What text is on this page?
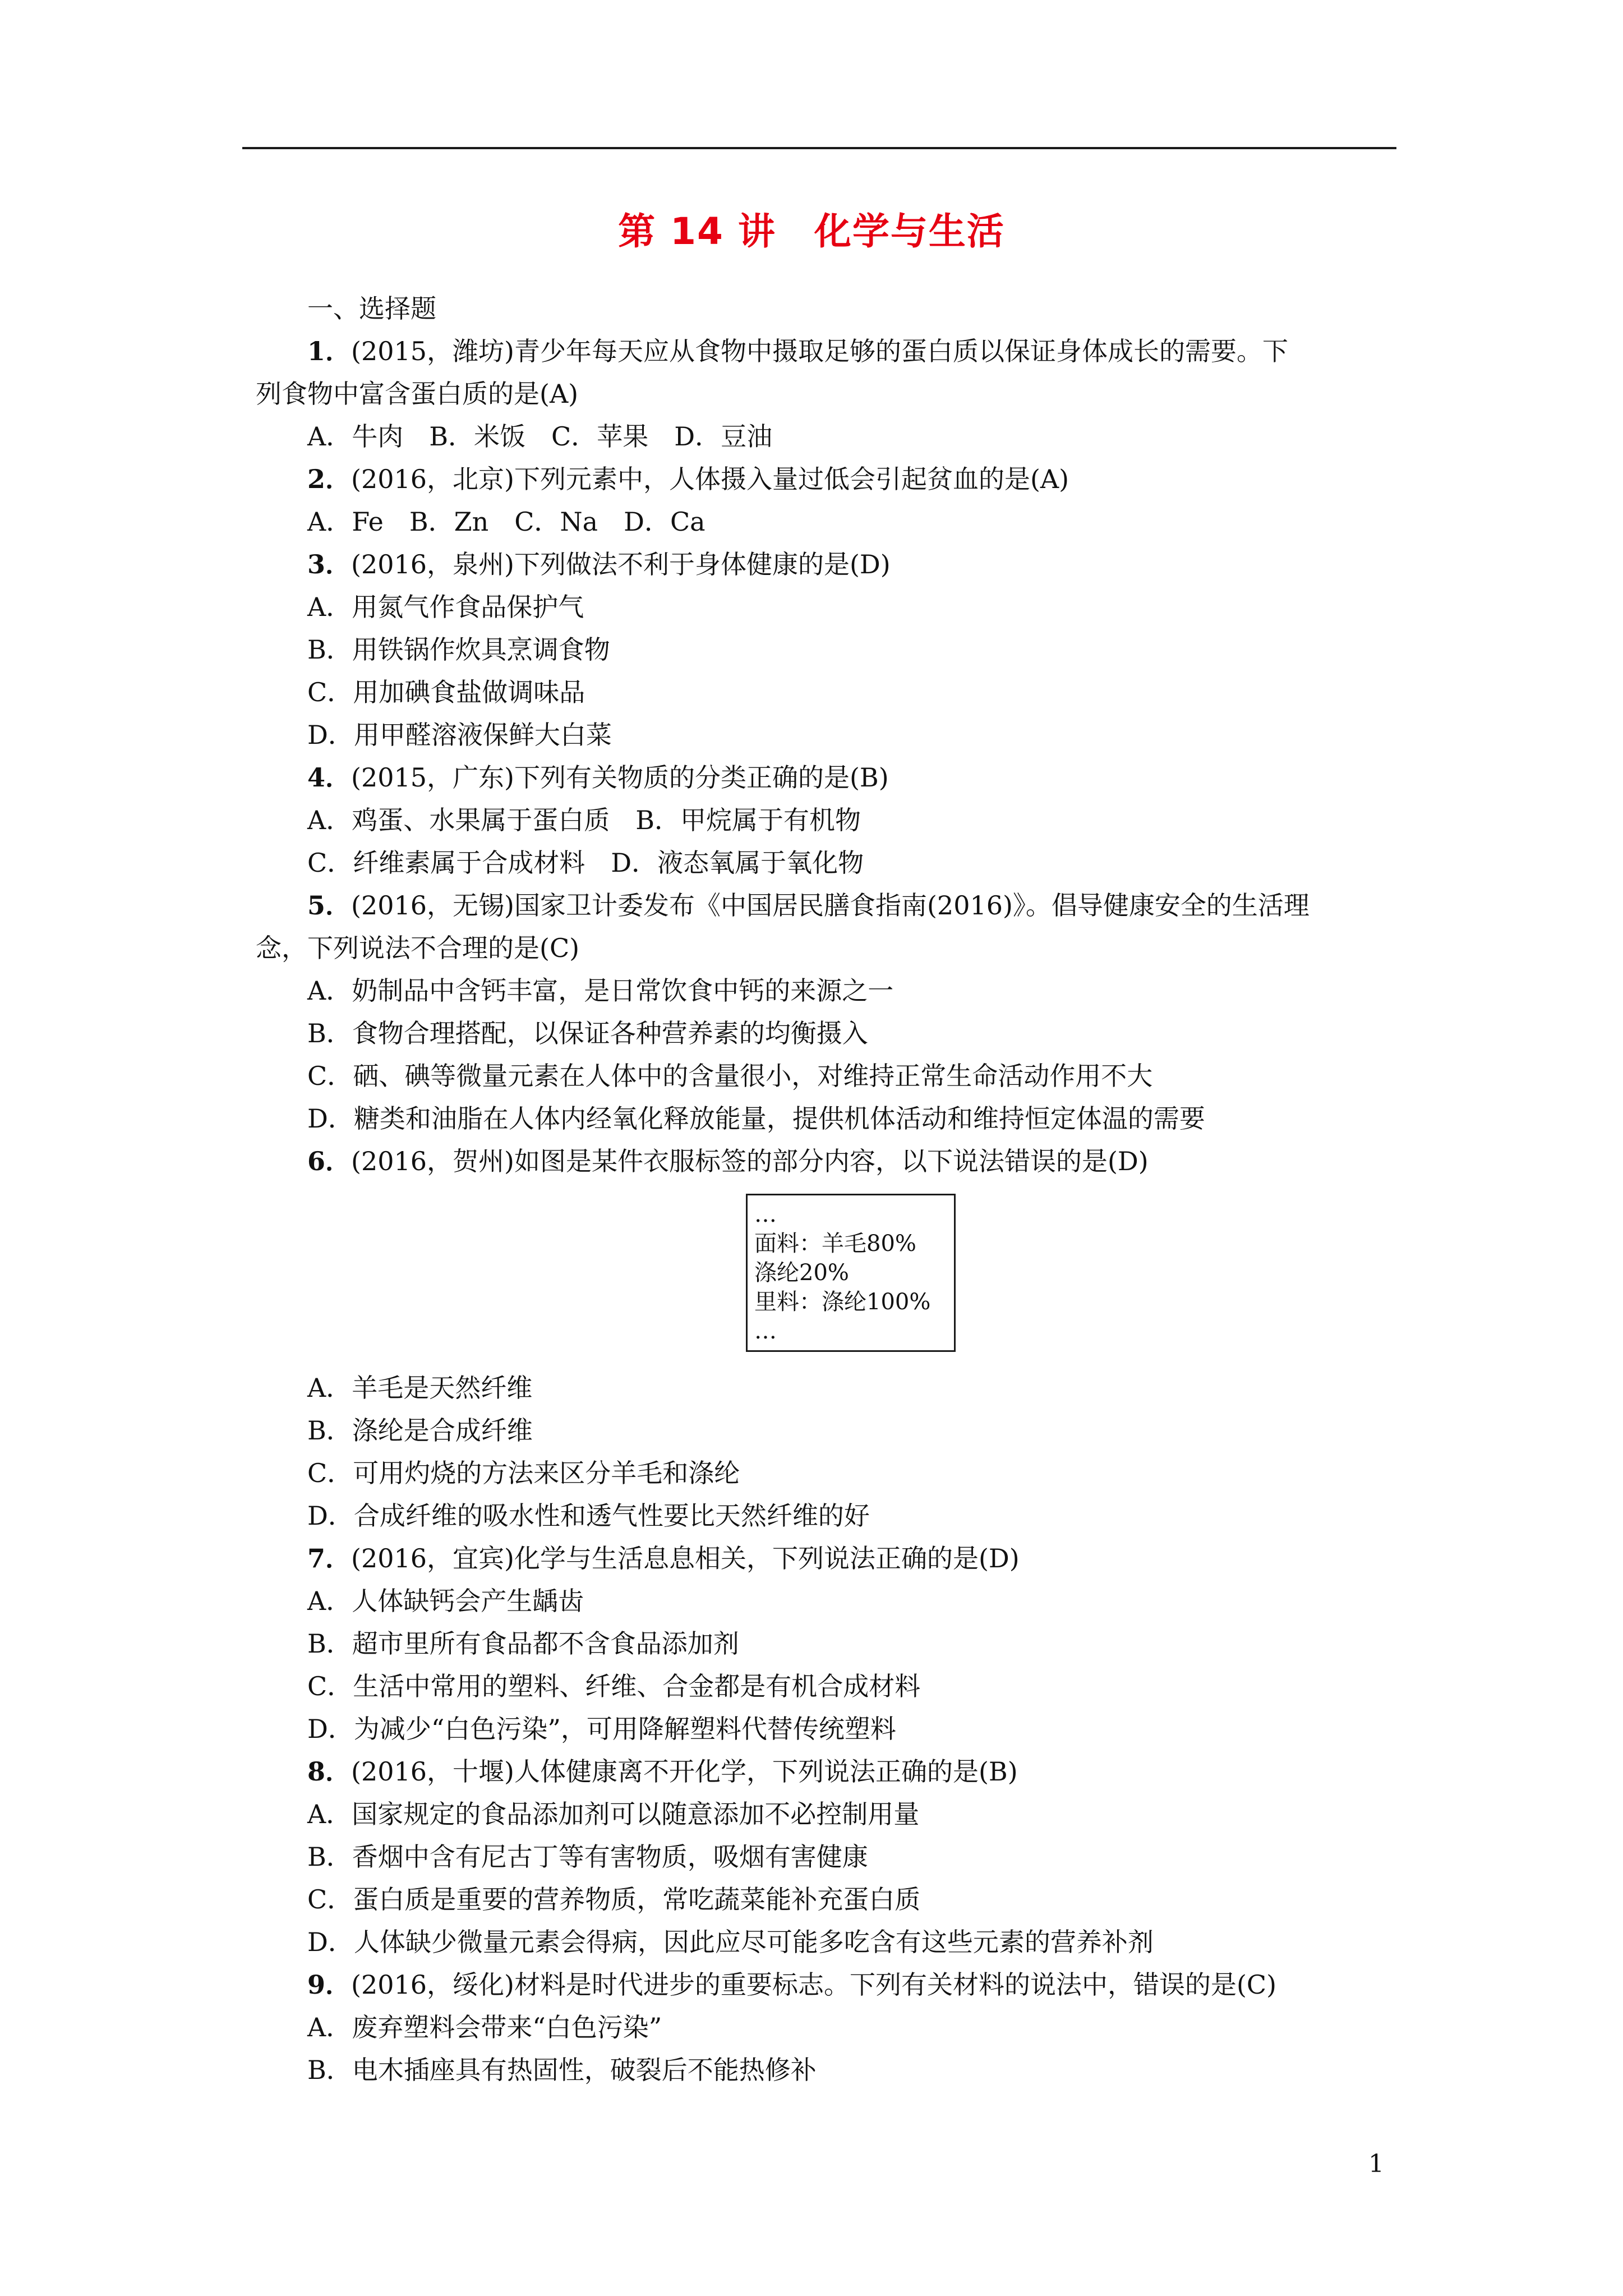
第 14 讲　化学与生活
一、选择题
1．(2015，潍坊)青少年每天应从食物中摄取足够的蛋白质以保证身体成长的需要。下
列食物中富含蛋白质的是(A)
A．牛肉　B．米饭　C．苹果　D．豆油
2．(2016，北京)下列元素中，人体摄入量过低会引起贫血的是(A)
A．Fe　B．Zn　C．Na　D．Ca
3．(2016，泉州)下列做法不利于身体健康的是(D)
A．用氮气作食品保护气
B．用铁锅作炊具烹调食物
C．用加碘食盐做调味品
D．用甲醛溶液保鲜大白菜
4．(2015，广东)下列有关物质的分类正确的是(B)
A．鸡蛋、水果属于蛋白质　B．甲烷属于有机物
C．纤维素属于合成材料　D．液态氧属于氧化物
5．(2016，无锡)国家卫计委发布《中国居民膳食指南(2016)》。倡导健康安全的生活理
念，下列说法不合理的是(C)
A．奶制品中含钙丰富，是日常饮食中钙的来源之一
B．食物合理搭配，以保证各种营养素的均衡摄入
C．硒、碘等微量元素在人体中的含量很小，对维持正常生命活动作用不大
D．糖类和油脂在人体内经氧化释放能量，提供机体活动和维持恒定体温的需要
6．(2016，贺州)如图是某件衣服标签的部分内容，以下说法错误的是(D)
…
面料：羊毛80%
涤纶20%
里料：涤纶100%
…
A．羊毛是天然纤维
B．涤纶是合成纤维
C．可用灼烧的方法来区分羊毛和涤纶
D．合成纤维的吸水性和透气性要比天然纤维的好
7．(2016，宜宾)化学与生活息息相关，下列说法正确的是(D)
A．人体缺钙会产生龋齿
B．超市里所有食品都不含食品添加剂
C．生活中常用的塑料、纤维、合金都是有机合成材料
D．为减少“白色污染”，可用降解塑料代替传统塑料
8．(2016，十堰)人体健康离不开化学，下列说法正确的是(B)
A．国家规定的食品添加剂可以随意添加不必控制用量
B．香烟中含有尼古丁等有害物质，吸烟有害健康
C．蛋白质是重要的营养物质，常吃蔬菜能补充蛋白质
D．人体缺少微量元素会得病，因此应尽可能多吃含有这些元素的营养补剂
9．(2016，绥化)材料是时代进步的重要标志。下列有关材料的说法中，错误的是(C)
A．废弃塑料会带来“白色污染”
B．电木插座具有热固性，破裂后不能热修补
1
